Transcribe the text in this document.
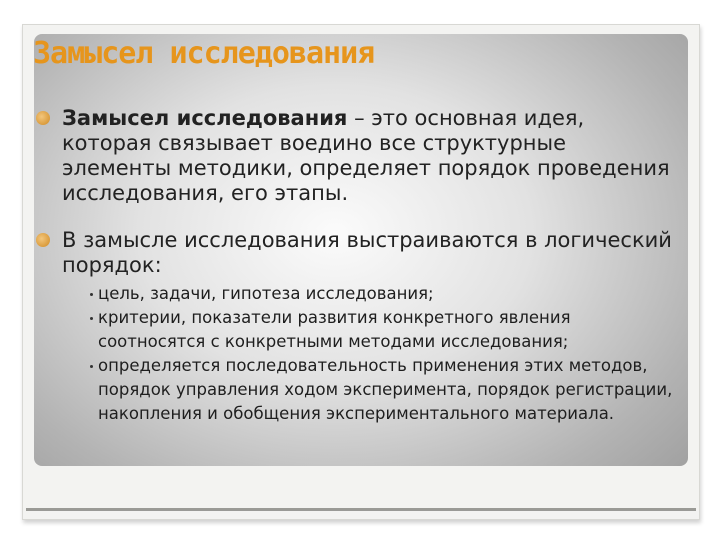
Замысел исследования
Замысел исследования – это основная идея, которая связывает воедино все структурные элементы методики, определяет порядок проведения исследования, его этапы.
В замысле исследования выстраиваются в логический порядок:
цель, задачи, гипотеза исследования;
критерии, показатели развития конкретного явления соотносятся с конкретными методами исследования;
определяется последовательность применения этих методов, порядок управления ходом эксперимента, порядок регистрации, накопления и обобщения экспериментального материала.
